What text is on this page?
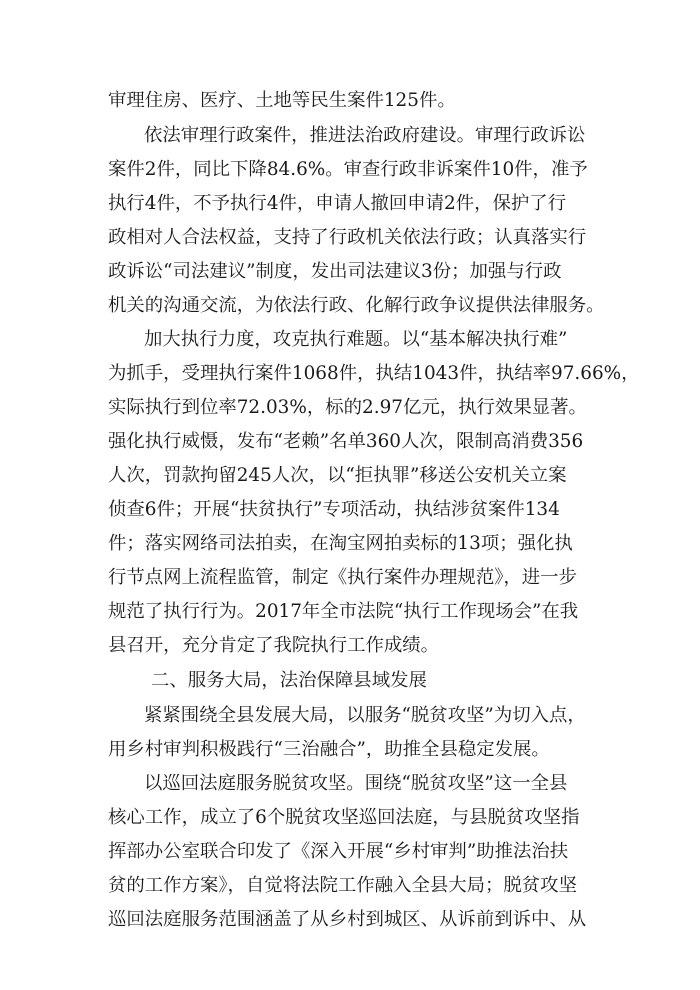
审理住房、医疗、土地等民生案件125件。
依法审理行政案件，推进法治政府建设。审理行政诉讼
案件2件，同比下降84.6%。审查行政非诉案件10件，准予
执行4件，不予执行4件，申请人撤回申请2件，保护了行
政相对人合法权益，支持了行政机关依法行政；认真落实行
政诉讼“司法建议”制度，发出司法建议3份；加强与行政
机关的沟通交流，为依法行政、化解行政争议提供法律服务。
加大执行力度，攻克执行难题。以“基本解决执行难”
为抓手，受理执行案件1068件，执结1043件，执结率97.66%，
实际执行到位率72.03%，标的2.97亿元，执行效果显著。
强化执行威慑，发布“老赖”名单360人次，限制高消费356
人次，罚款拘留245人次，以“拒执罪”移送公安机关立案
侦查6件；开展“扶贫执行”专项活动，执结涉贫案件134
件；落实网络司法拍卖，在淘宝网拍卖标的13项；强化执
行节点网上流程监管，制定《执行案件办理规范》，进一步
规范了执行行为。2017年全市法院“执行工作现场会”在我
县召开，充分肯定了我院执行工作成绩。
二、服务大局，法治保障县域发展
紧紧围绕全县发展大局，以服务“脱贫攻坚”为切入点，
用乡村审判积极践行“三治融合”，助推全县稳定发展。
以巡回法庭服务脱贫攻坚。围绕“脱贫攻坚”这一全县
核心工作，成立了6个脱贫攻坚巡回法庭，与县脱贫攻坚指
挥部办公室联合印发了《深入开展“乡村审判”助推法治扶
贫的工作方案》，自觉将法院工作融入全县大局；脱贫攻坚
巡回法庭服务范围涵盖了从乡村到城区、从诉前到诉中、从
